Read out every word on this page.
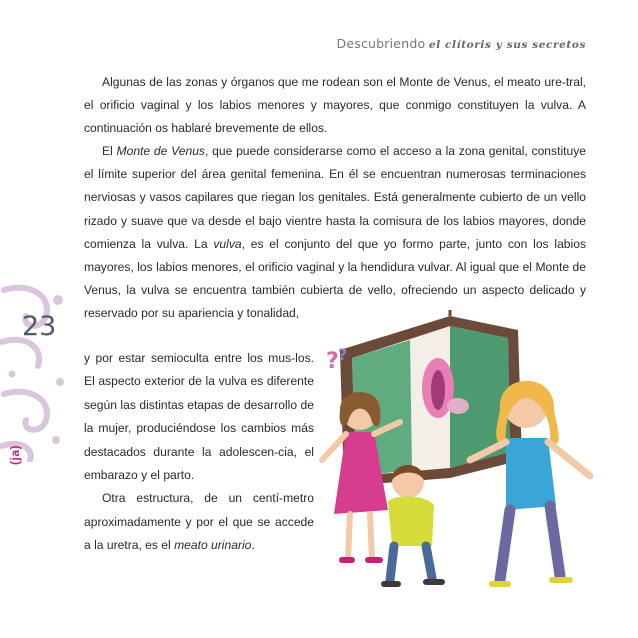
Descubriendo el clítoris y sus secretos
23
(ja)

Algunas de las zonas y órganos que me rodean son el Monte de Venus, el meato ure-tral, el orificio vaginal y los labios menores y mayores, que conmigo constituyen la vulva. A continuación os hablaré brevemente de ellos.

El Monte de Venus, que puede considerarse como el acceso a la zona genital, constituye el límite superior del área genital femenina. En él se encuentran numerosas terminaciones nerviosas y vasos capilares que riegan los genitales. Está generalmente cubierto de un vello rizado y suave que va desde el bajo vientre hasta la comisura de los labios mayores, donde comienza la vulva. La vulva, es el conjunto del que yo formo parte, junto con los labios mayores, los labios menores, el orificio vaginal y la hendidura vulvar. Al igual que el Monte de Venus, la vulva se encuentra también cubierta de vello, ofreciendo un aspecto delicado y reservado por su apariencia y tonalidad,

y por estar semioculta entre los mus-los. El aspecto exterior de la vulva es diferente según las distintas etapas de desarrollo de la mujer, produciéndose los cambios más destacados durante la adolescen-cia, el embarazo y el parto.

Otra estructura, de un centí-metro aproximadamente y por el que se accede a la uretra, es el meato urinario.

? ?
